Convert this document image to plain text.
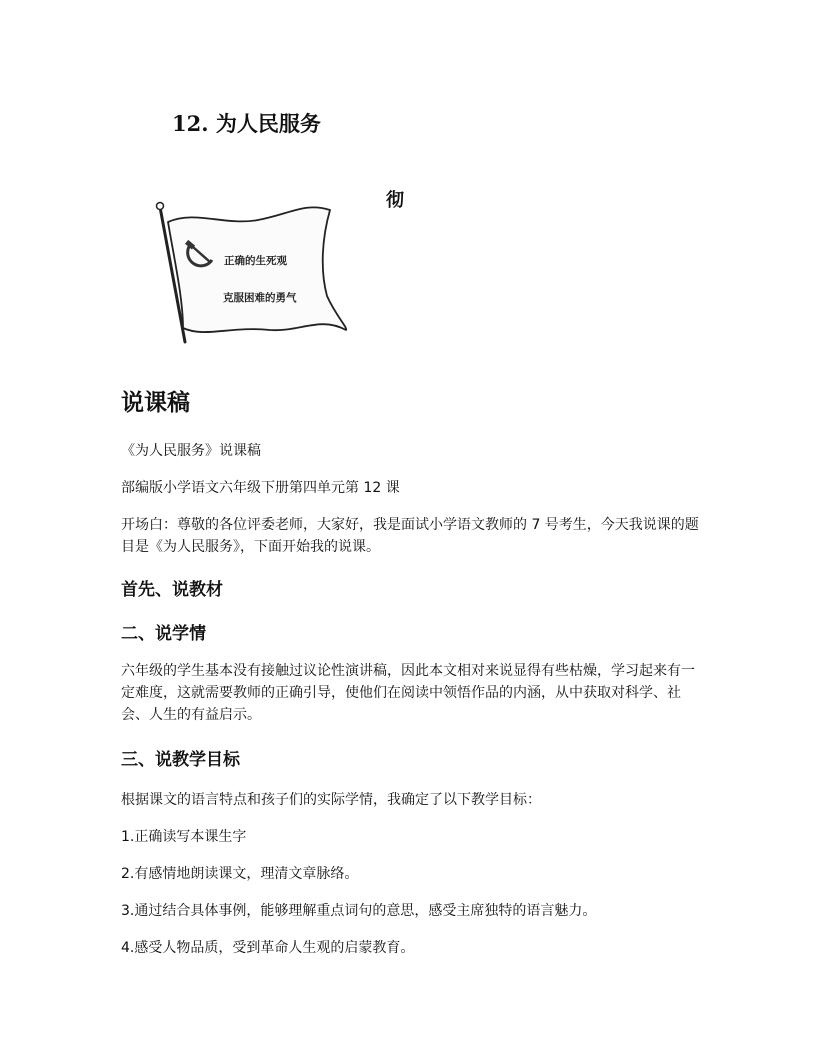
12. 为人民服务
彻
正确的生死观
克服困难的勇气
说课稿

《为人民服务》说课稿

部编版小学语文六年级下册第四单元第 12 课

开场白：尊敬的各位评委老师，大家好，我是面试小学语文教师的 7 号考生，今天我说课的题目是《为人民服务》，下面开始我的说课。

首先、说教材
二、说学情

六年级的学生基本没有接触过议论性演讲稿，因此本文相对来说显得有些枯燥，学习起来有一定难度，这就需要教师的正确引导，使他们在阅读中领悟作品的内涵，从中获取对科学、社会、人生的有益启示。

三、说教学目标

根据课文的语言特点和孩子们的实际学情，我确定了以下教学目标：

1.正确读写本课生字

2.有感情地朗读课文，理清文章脉络。

3.通过结合具体事例，能够理解重点词句的意思，感受主席独特的语言魅力。

4.感受人物品质，受到革命人生观的启蒙教育。
